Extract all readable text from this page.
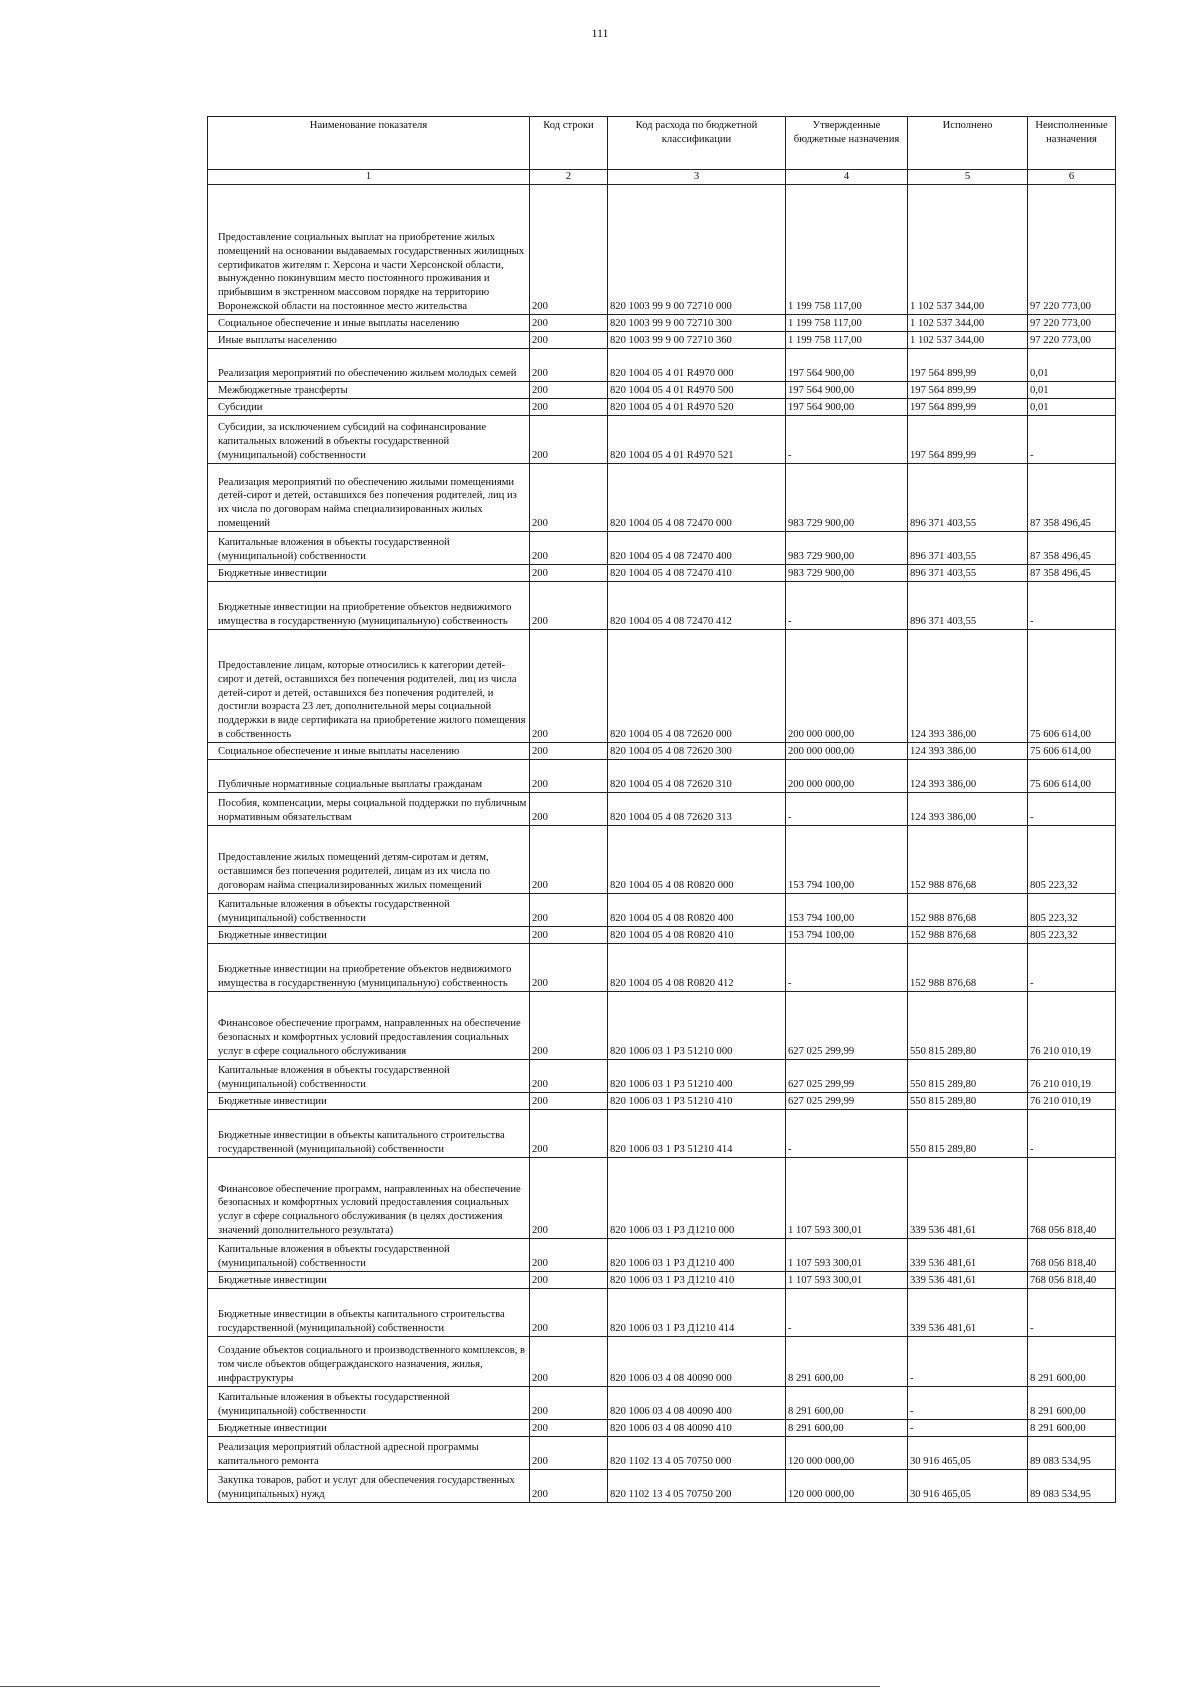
111
Наименование показателя	Код строки	Код расхода по бюджетной классификации	Утвержденные бюджетные назначения	Исполнено	Неисполненные назначения
1	2	3	4	5	6
Предоставление социальных выплат на приобретение жилых помещений на основании выдаваемых государственных жилищных сертификатов жителям г. Херсона и части Херсонской области, вынужденно покинувшим место постоянного проживания и прибывшим в экстренном массовом порядке на территорию Воронежской области на постоянное место жительства	200	820 1003 99 9 00 72710 000	1 199 758 117,00	1 102 537 344,00	97 220 773,00
Социальное обеспечение и иные выплаты населению	200	820 1003 99 9 00 72710 300	1 199 758 117,00	1 102 537 344,00	97 220 773,00
Иные выплаты населению	200	820 1003 99 9 00 72710 360	1 199 758 117,00	1 102 537 344,00	97 220 773,00
Реализация мероприятий по обеспечению жильем молодых семей	200	820 1004 05 4 01 R4970 000	197 564 900,00	197 564 899,99	0,01
Межбюджетные трансферты	200	820 1004 05 4 01 R4970 500	197 564 900,00	197 564 899,99	0,01
Субсидии	200	820 1004 05 4 01 R4970 520	197 564 900,00	197 564 899,99	0,01
Субсидии, за исключением субсидий на софинансирование капитальных вложений в объекты государственной (муниципальной) собственности	200	820 1004 05 4 01 R4970 521	-	197 564 899,99	-
Реализация мероприятий по обеспечению жилыми помещениями детей-сирот и детей, оставшихся без попечения родителей, лиц из их числа по договорам найма специализированных жилых помещений	200	820 1004 05 4 08 72470 000	983 729 900,00	896 371 403,55	87 358 496,45
Капитальные вложения в объекты государственной (муниципальной) собственности	200	820 1004 05 4 08 72470 400	983 729 900,00	896 371 403,55	87 358 496,45
Бюджетные инвестиции	200	820 1004 05 4 08 72470 410	983 729 900,00	896 371 403,55	87 358 496,45
Бюджетные инвестиции на приобретение объектов недвижимого имущества в государственную (муниципальную) собственность	200	820 1004 05 4 08 72470 412	-	896 371 403,55	-
Предоставление лицам, которые относились к категории детей-сирот и детей, оставшихся без попечения родителей, лиц из числа детей-сирот и детей, оставшихся без попечения родителей, и достигли возраста 23 лет, дополнительной меры социальной поддержки в виде сертификата на приобретение жилого помещения в собственность	200	820 1004 05 4 08 72620 000	200 000 000,00	124 393 386,00	75 606 614,00
Социальное обеспечение и иные выплаты населению	200	820 1004 05 4 08 72620 300	200 000 000,00	124 393 386,00	75 606 614,00
Публичные нормативные социальные выплаты гражданам	200	820 1004 05 4 08 72620 310	200 000 000,00	124 393 386,00	75 606 614,00
Пособия, компенсации, меры социальной поддержки по публичным нормативным обязательствам	200	820 1004 05 4 08 72620 313	-	124 393 386,00	-
Предоставление жилых помещений детям-сиротам и детям, оставшимся без попечения родителей, лицам из их числа по договорам найма специализированных жилых помещений	200	820 1004 05 4 08 R0820 000	153 794 100,00	152 988 876,68	805 223,32
Капитальные вложения в объекты государственной (муниципальной) собственности	200	820 1004 05 4 08 R0820 400	153 794 100,00	152 988 876,68	805 223,32
Бюджетные инвестиции	200	820 1004 05 4 08 R0820 410	153 794 100,00	152 988 876,68	805 223,32
Бюджетные инвестиции на приобретение объектов недвижимого имущества в государственную (муниципальную) собственность	200	820 1004 05 4 08 R0820 412	-	152 988 876,68	-
Финансовое обеспечение программ, направленных на обеспечение безопасных и комфортных условий предоставления социальных услуг в сфере социального обслуживания	200	820 1006 03 1 P3 51210 000	627 025 299,99	550 815 289,80	76 210 010,19
Капитальные вложения в объекты государственной (муниципальной) собственности	200	820 1006 03 1 P3 51210 400	627 025 299,99	550 815 289,80	76 210 010,19
Бюджетные инвестиции	200	820 1006 03 1 P3 51210 410	627 025 299,99	550 815 289,80	76 210 010,19
Бюджетные инвестиции в объекты капитального строительства государственной (муниципальной) собственности	200	820 1006 03 1 P3 51210 414	-	550 815 289,80	-
Финансовое обеспечение программ, направленных на обеспечение безопасных и комфортных условий предоставления социальных услуг в сфере социального обслуживания (в целях достижения значений дополнительного результата)	200	820 1006 03 1 P3 Д1210 000	1 107 593 300,01	339 536 481,61	768 056 818,40
Капитальные вложения в объекты государственной (муниципальной) собственности	200	820 1006 03 1 P3 Д1210 400	1 107 593 300,01	339 536 481,61	768 056 818,40
Бюджетные инвестиции	200	820 1006 03 1 P3 Д1210 410	1 107 593 300,01	339 536 481,61	768 056 818,40
Бюджетные инвестиции в объекты капитального строительства государственной (муниципальной) собственности	200	820 1006 03 1 P3 Д1210 414	-	339 536 481,61	-
Создание объектов социального и производственного комплексов, в том числе объектов общегражданского назначения, жилья, инфраструктуры	200	820 1006 03 4 08 40090 000	8 291 600,00	-	8 291 600,00
Капитальные вложения в объекты государственной (муниципальной) собственности	200	820 1006 03 4 08 40090 400	8 291 600,00	-	8 291 600,00
Бюджетные инвестиции	200	820 1006 03 4 08 40090 410	8 291 600,00	-	8 291 600,00
Реализация мероприятий областной адресной программы капитального ремонта	200	820 1102 13 4 05 70750 000	120 000 000,00	30 916 465,05	89 083 534,95
Закупка товаров, работ и услуг для обеспечения государственных (муниципальных) нужд	200	820 1102 13 4 05 70750 200	120 000 000,00	30 916 465,05	89 083 534,95
